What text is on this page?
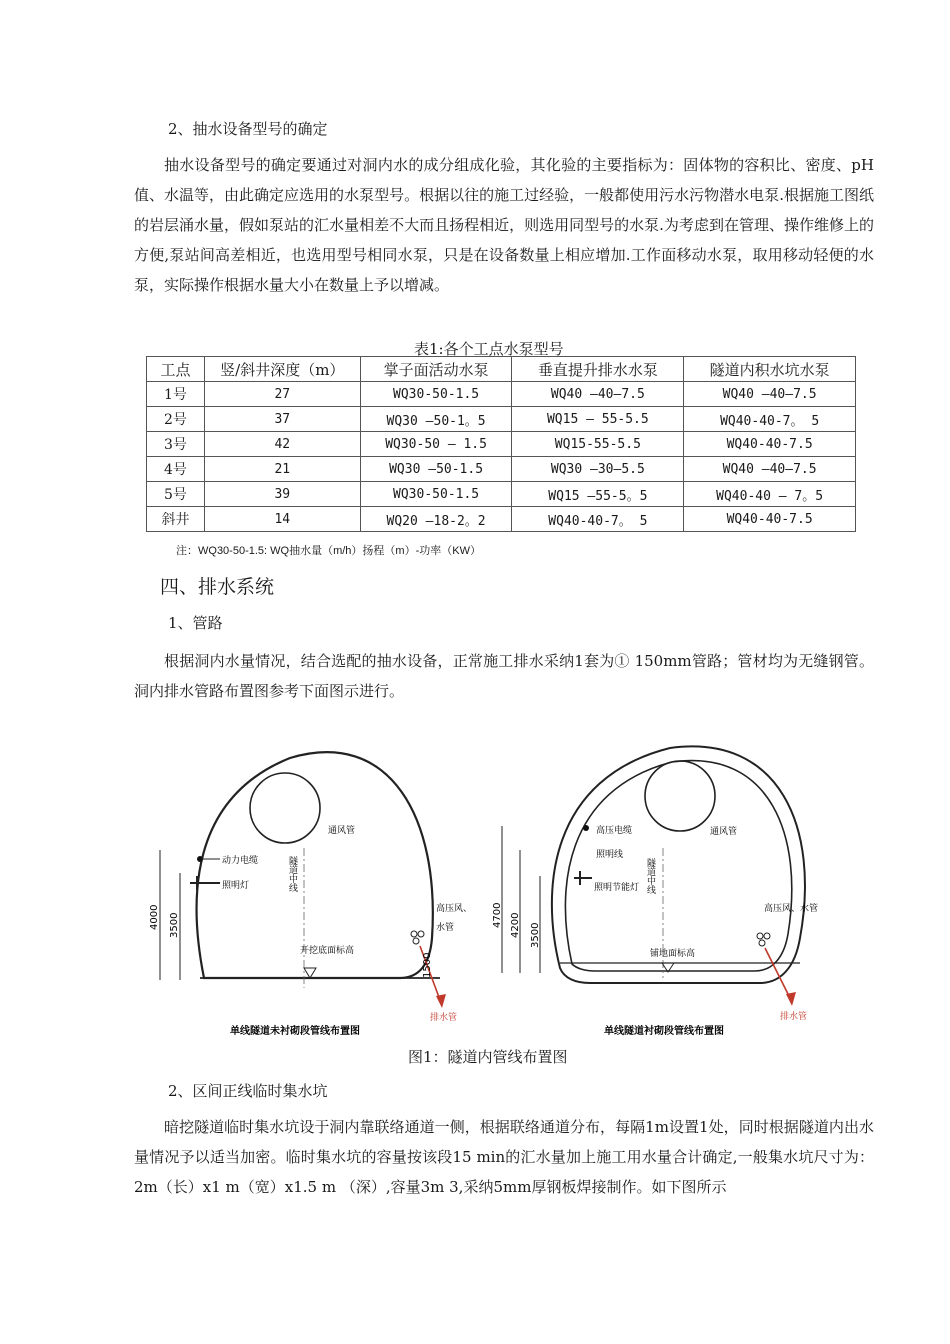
2、抽水设备型号的确定

抽水设备型号的确定要通过对洞内水的成分组成化验，其化验的主要指标为：固体物的容积比、密度、pH值、水温等，由此确定应选用的水泵型号。根据以往的施工过经验，一般都使用污水污物潜水电泵.根据施工图纸的岩层涌水量，假如泵站的汇水量相差不大而且扬程相近，则选用同型号的水泵.为考虑到在管理、操作维修上的方便,泵站间高差相近，也选用型号相同水泵，只是在设备数量上相应增加.工作面移动水泵，取用移动轻便的水泵，实际操作根据水量大小在数量上予以增减。

表1:各个工点水泵型号
工点	竖/斜井深度（m）	掌子面活动水泵	垂直提升排水水泵	隧道内积水坑水泵
1号	27	WQ30-50-1.5	WQ40 —40—7.5	WQ40 —40—7.5
2号	37	WQ30 —50-1。5	WQ15 — 55-5.5	WQ40-40-7。 5
3号	42	WQ30-50 — 1.5	WQ15-55-5.5	WQ40-40-7.5
4号	21	WQ30 —50-1.5	WQ30 —30—5.5	WQ40 —40—7.5
5号	39	WQ30-50-1.5	WQ15 —55-5。5	WQ40-40 — 7。5
斜井	14	WQ20 —18-2。2	WQ40-40-7。 5	WQ40-40-7.5
注：WQ30-50-1.5: WQ抽水量（m/h）扬程（m）-功率（KW）
四、排水系统
1、管路

根据洞内水量情况，结合选配的抽水设备，正常施工排水采纳1套为① 150mm管路；管材均为无缝钢管。洞内排水管路布置图参考下面图示进行。

通风管
隧道中线
动力电缆
照明灯
高压风、
水管
开挖底面标高
排水管
4000 3500
1500
单线隧道未衬砌段管线布置图
通风管
隧道中线
高压电缆
照明线
照明节能灯
高压风、水管
铺地面标高
排水管
4700 4200 3500
单线隧道衬砌段管线布置图
图1：隧道内管线布置图
2、区间正线临时集水坑

暗挖隧道临时集水坑设于洞内靠联络通道一侧，根据联络通道分布，每隔1m设置1处，同时根据隧道内出水量情况予以适当加密。临时集水坑的容量按该段15 min的汇水量加上施工用水量合计确定,一般集水坑尺寸为：2m（长）x1 m（宽）x1.5 m （深）,容量3m 3,采纳5mm厚钢板焊接制作。如下图所示
